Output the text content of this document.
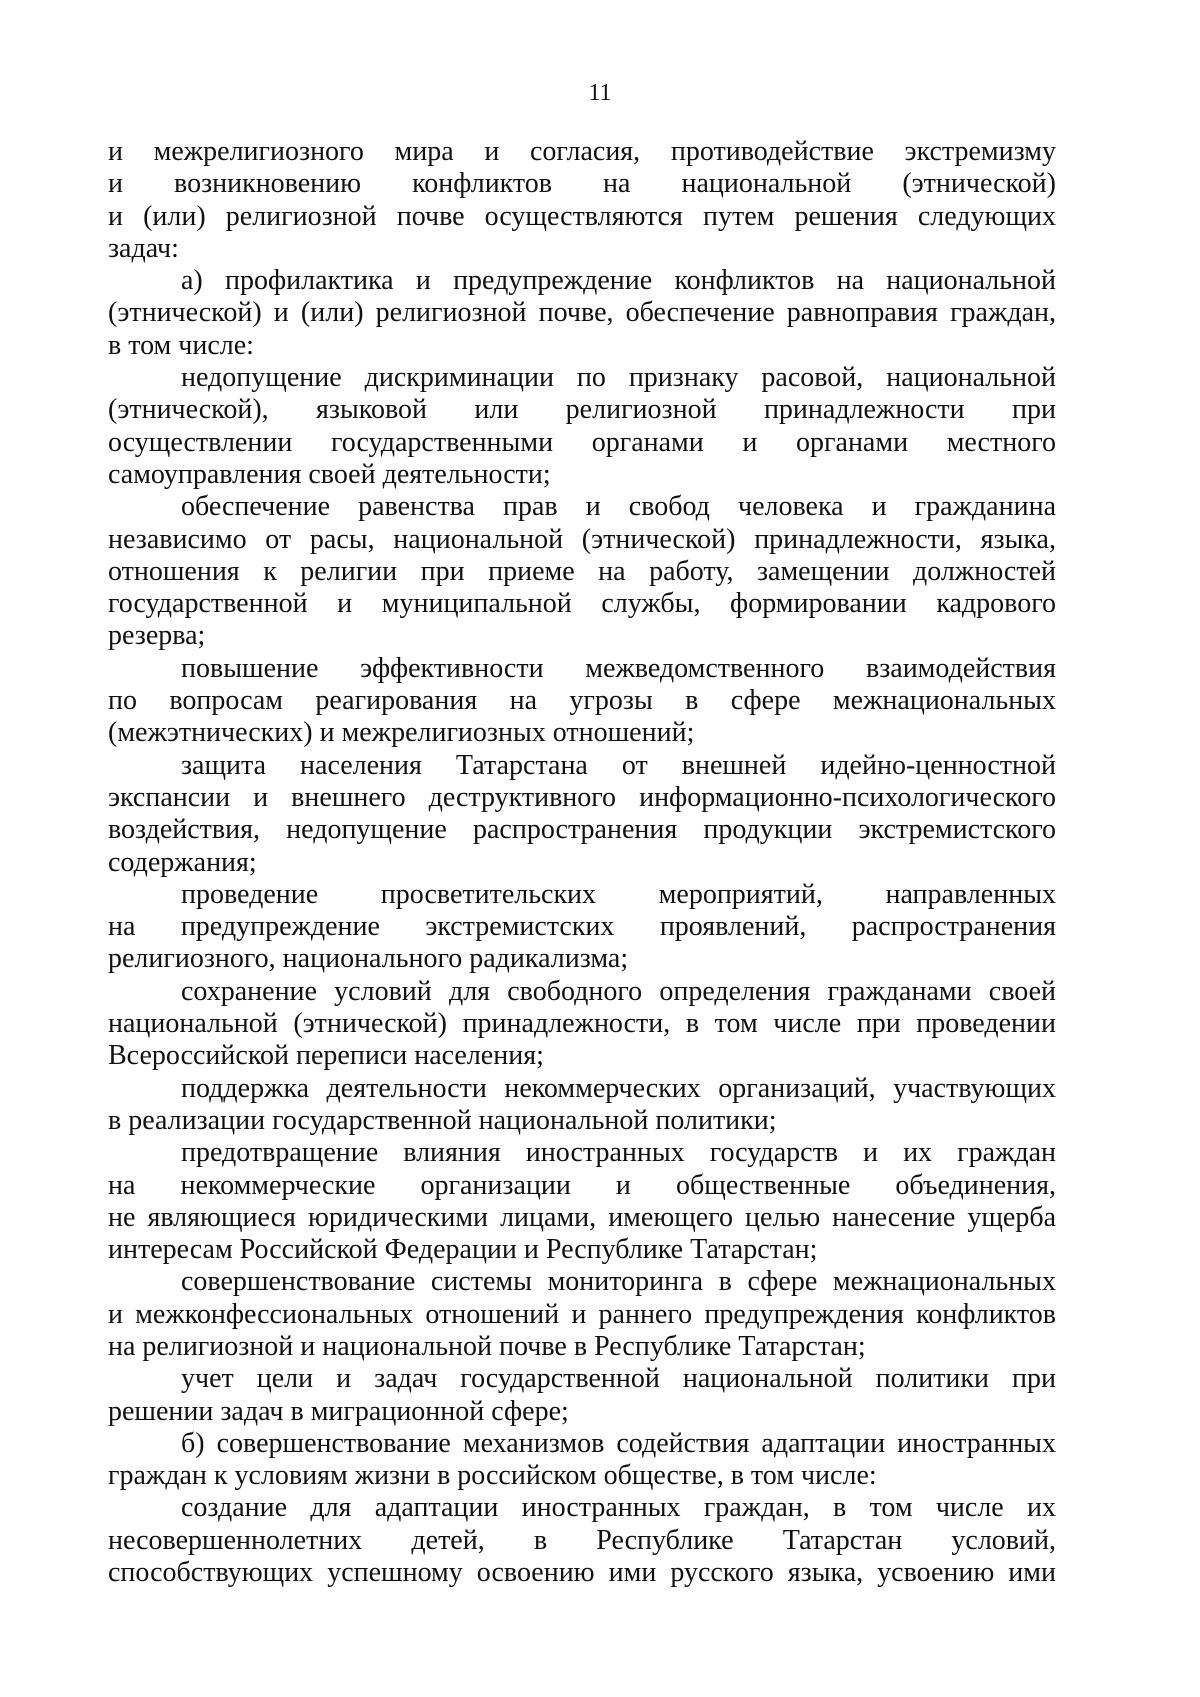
11
и межрелигиозного мира и согласия, противодействие экстремизму
и возникновению конфликтов на национальной (этнической)
и (или) религиозной почве осуществляются путем решения следующих
задач:
а) профилактика и предупреждение конфликтов на национальной
(этнической) и (или) религиозной почве, обеспечение равноправия граждан,
в том числе:
недопущение дискриминации по признаку расовой, национальной
(этнической), языковой или религиозной принадлежности при
осуществлении государственными органами и органами местного
самоуправления своей деятельности;
обеспечение равенства прав и свобод человека и гражданина
независимо от расы, национальной (этнической) принадлежности, языка,
отношения к религии при приеме на работу, замещении должностей
государственной и муниципальной службы, формировании кадрового
резерва;
повышение эффективности межведомственного взаимодействия
по вопросам реагирования на угрозы в сфере межнациональных
(межэтнических) и межрелигиозных отношений;
защита населения Татарстана от внешней идейно-ценностной
экспансии и внешнего деструктивного информационно-психологического
воздействия, недопущение распространения продукции экстремистского
содержания;
проведение просветительских мероприятий, направленных
на предупреждение экстремистских проявлений, распространения
религиозного, национального радикализма;
сохранение условий для свободного определения гражданами своей
национальной (этнической) принадлежности, в том числе при проведении
Всероссийской переписи населения;
поддержка деятельности некоммерческих организаций, участвующих
в реализации государственной национальной политики;
предотвращение влияния иностранных государств и их граждан
на некоммерческие организации и общественные объединения,
не являющиеся юридическими лицами, имеющего целью нанесение ущерба
интересам Российской Федерации и Республике Татарстан;
совершенствование системы мониторинга в сфере межнациональных
и межконфессиональных отношений и раннего предупреждения конфликтов
на религиозной и национальной почве в Республике Татарстан;
учет цели и задач государственной национальной политики при
решении задач в миграционной сфере;
б) совершенствование механизмов содействия адаптации иностранных
граждан к условиям жизни в российском обществе, в том числе:
создание для адаптации иностранных граждан, в том числе их
несовершеннолетних детей, в Республике Татарстан условий,
способствующих успешному освоению ими русского языка, усвоению ими
